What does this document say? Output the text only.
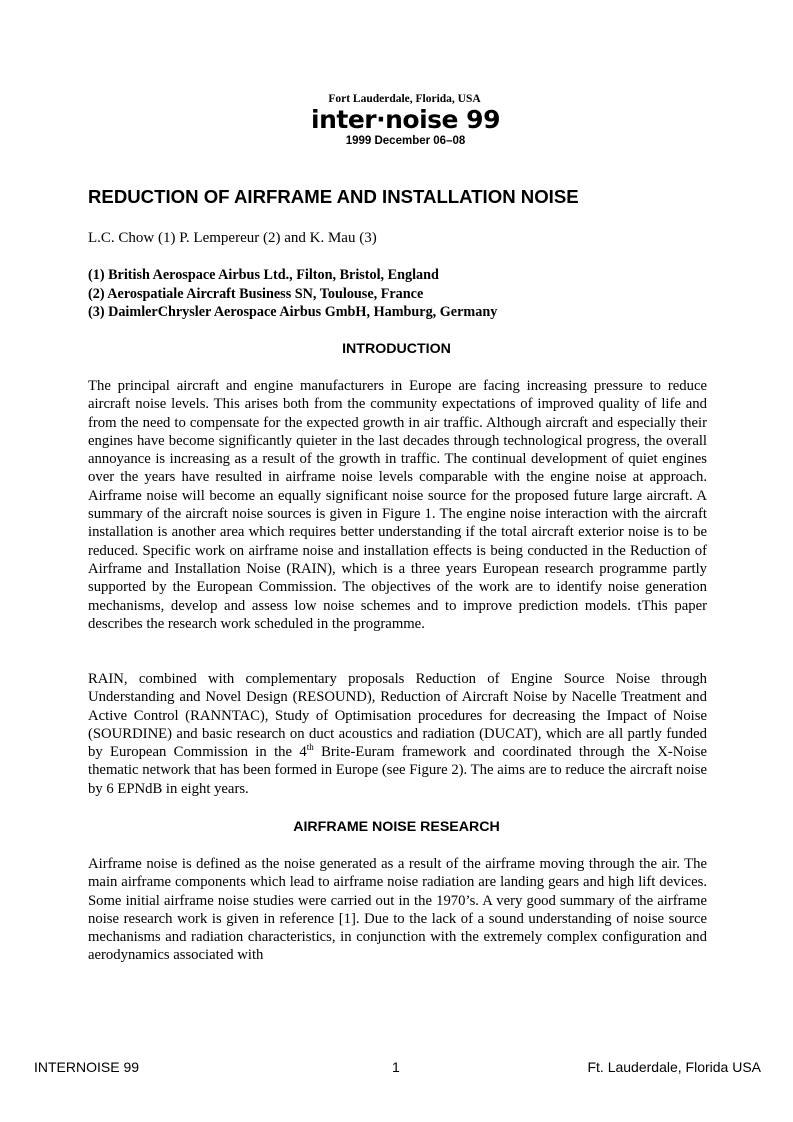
Fort Lauderdale, Florida, USA
inter·noise 99
1999 December 06–08
REDUCTION OF AIRFRAME AND INSTALLATION NOISE
L.C. Chow (1) P. Lempereur (2) and K. Mau (3)
(1) British Aerospace Airbus Ltd., Filton, Bristol, England
(2) Aerospatiale Aircraft Business SN, Toulouse, France
(3) DaimlerChrysler Aerospace Airbus GmbH, Hamburg, Germany
INTRODUCTION

The principal aircraft and engine manufacturers in Europe are facing increasing pressure to reduce aircraft noise levels. This arises both from the community expectations of improved quality of life and from the need to compensate for the expected growth in air traffic. Although aircraft and especially their engines have become significantly quieter in the last decades through technological progress, the overall annoyance is increasing as a result of the growth in traffic. The continual development of quiet engines over the years have resulted in airframe noise levels comparable with the engine noise at approach. Airframe noise will become an equally significant noise source for the proposed future large aircraft. A summary of the aircraft noise sources is given in Figure 1. The engine noise interaction with the aircraft installation is another area which requires better understanding if the total aircraft exterior noise is to be reduced. Specific work on airframe noise and installation effects is being conducted in the Reduction of Airframe and Installation Noise (RAIN), which is a three years European research programme partly supported by the European Commission. The objectives of the work are to identify noise generation mechanisms, develop and assess low noise schemes and to improve prediction models. tThis paper describes the research work scheduled in the programme.

RAIN, combined with complementary proposals Reduction of Engine Source Noise through Understanding and Novel Design (RESOUND), Reduction of Aircraft Noise by Nacelle Treatment and Active Control (RANNTAC), Study of Optimisation procedures for decreasing the Impact of Noise (SOURDINE) and basic research on duct acoustics and radiation (DUCAT), which are all partly funded by European Commission in the 4th Brite-Euram framework and coordinated through the X-Noise thematic network that has been formed in Europe (see Figure 2). The aims are to reduce the aircraft noise by 6 EPNdB in eight years.

AIRFRAME NOISE RESEARCH

Airframe noise is defined as the noise generated as a result of the airframe moving through the air. The main airframe components which lead to airframe noise radiation are landing gears and high lift devices. Some initial airframe noise studies were carried out in the 1970’s. A very good summary of the airframe noise research work is given in reference [1]. Due to the lack of a sound understanding of noise source mechanisms and radiation characteristics, in conjunction with the extremely complex configuration and aerodynamics associated with

INTERNOISE 99	1	Ft. Lauderdale, Florida USA
